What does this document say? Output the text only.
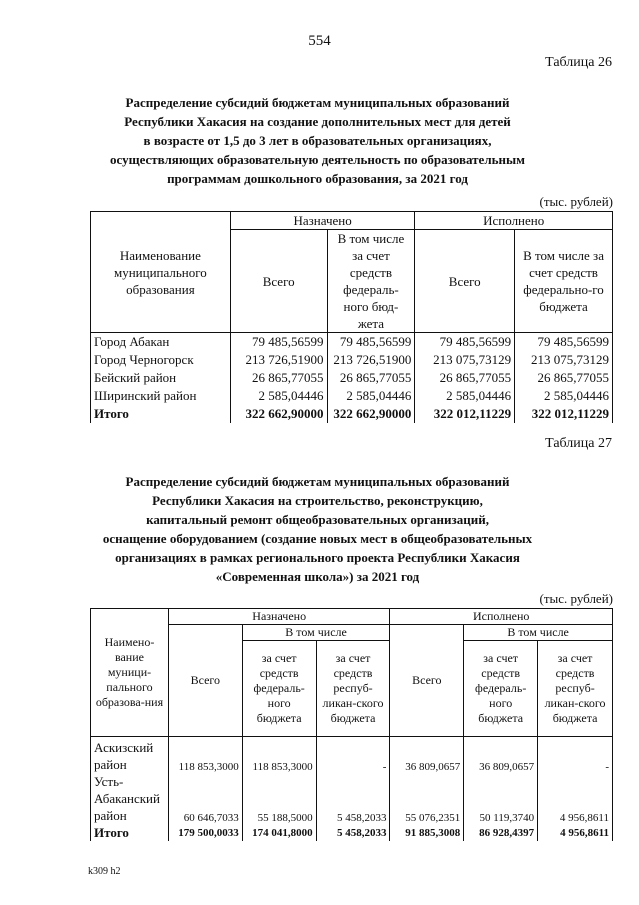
554
Таблица 26
Распределение субсидий бюджетам муниципальных образований
Республики Хакасия на создание дополнительных мест для детей
в возрасте от 1,5 до 3 лет в образовательных организациях,
осуществляющих образовательную деятельность по образовательным
программам дошкольного образования, за 2021 год
(тыс. рублей)
Наименование муниципального образования	Назначено		Исполнено	
	Всего	В том числе за счет средств федераль-ного бюд-жета	Всего	В том числе за счет средств федерально-го бюджета
Город Абакан	79 485,56599	79 485,56599	79 485,56599	79 485,56599
Город Черногорск	213 726,51900	213 726,51900	213 075,73129	213 075,73129
Бейский район	26 865,77055	26 865,77055	26 865,77055	26 865,77055
Ширинский район	2 585,04446	2 585,04446	2 585,04446	2 585,04446
Итого	322 662,90000	322 662,90000	322 012,11229	322 012,11229
Таблица 27
Распределение субсидий бюджетам муниципальных образований
Республики Хакасия на строительство, реконструкцию,
капитальный ремонт общеобразовательных организаций,
оснащение оборудованием (создание новых мест в общеобразовательных
организациях в рамках регионального проекта Республики Хакасия
«Современная школа») за 2021 год
(тыс. рублей)
Наимено-вание муници-пального образова-ния	Назначено			Исполнено		
	Всего	В том числе		Всего	В том числе	
		за счет средств федераль-ного бюджета	за счет средств респуб-ликан-ского бюджета		за счет средств федераль-ного бюджета	за счет средств респуб-ликан-ского бюджета
Аскизский район	118 853,3000	118 853,3000	-	36 809,0657	36 809,0657	-
Усть-Абаканский район	60 646,7033	55 188,5000	5 458,2033	55 076,2351	50 119,3740	4 956,8611
Итого	179 500,0033	174 041,8000	5 458,2033	91 885,3008	86 928,4397	4 956,8611
k309 h2
